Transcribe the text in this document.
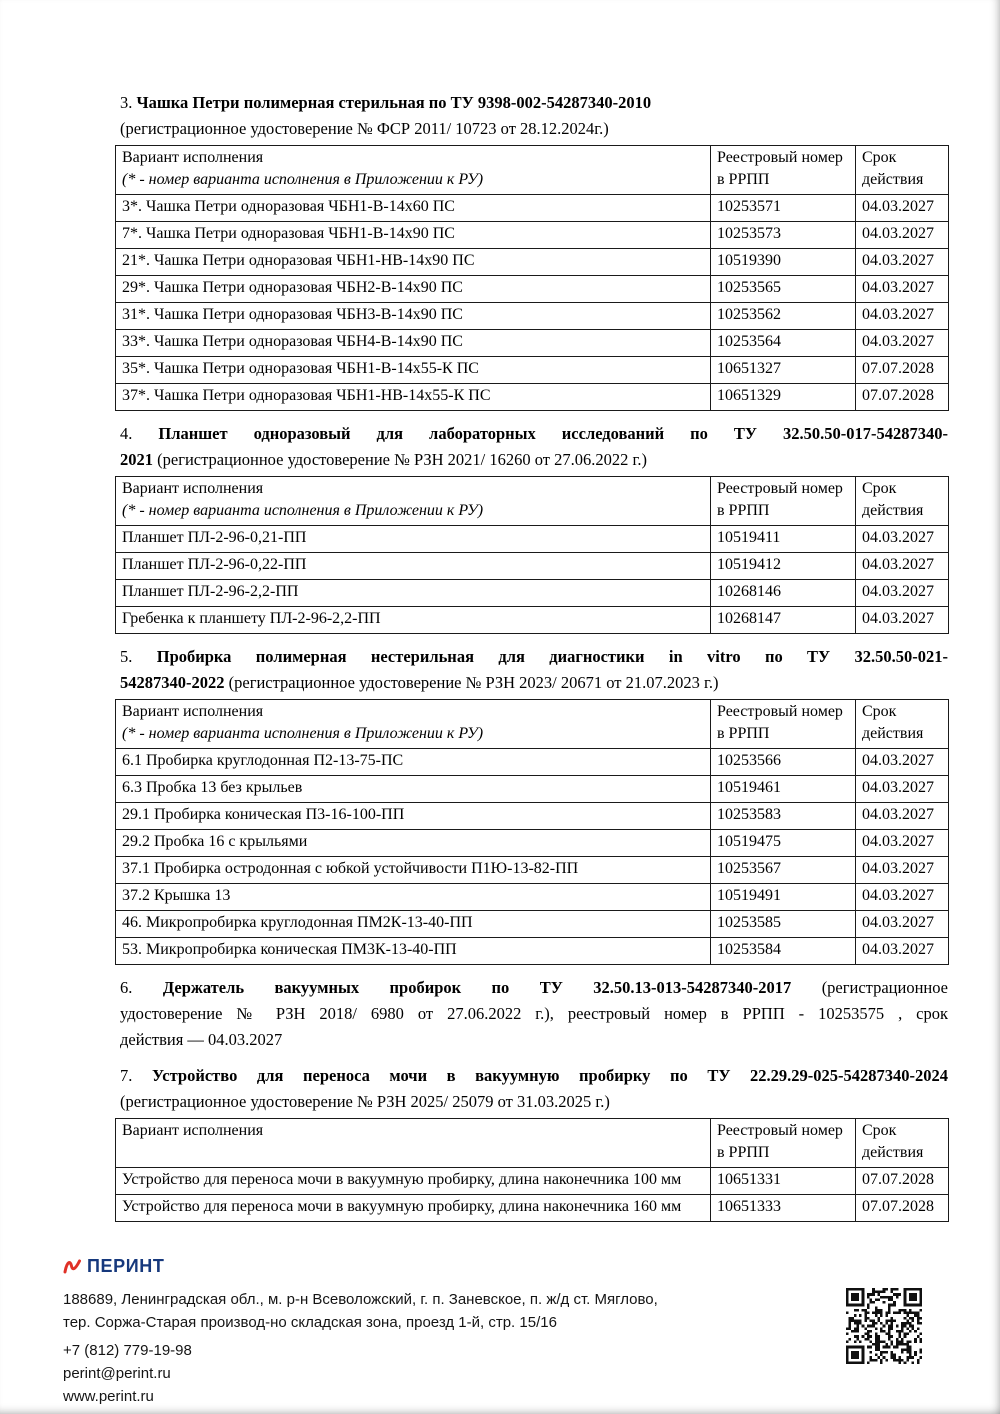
3. Чашка Петри полимерная стерильная по ТУ 9398-002-54287340-2010
(регистрационное удостоверение № ФСР 2011/ 10723 от 28.12.2024г.)
Вариант исполнения
(* - номер варианта исполнения в Приложении к РУ)	Реестровый номер в РРПП	Срок действия
3*. Чашка Петри одноразовая ЧБН1-В-14х60 ПС	10253571	04.03.2027
7*. Чашка Петри одноразовая ЧБН1-В-14х90 ПС	10253573	04.03.2027
21*. Чашка Петри одноразовая ЧБН1-НВ-14х90 ПС	10519390	04.03.2027
29*. Чашка Петри одноразовая ЧБН2-В-14х90 ПС	10253565	04.03.2027
31*. Чашка Петри одноразовая ЧБН3-В-14х90 ПС	10253562	04.03.2027
33*. Чашка Петри одноразовая ЧБН4-В-14х90 ПС	10253564	04.03.2027
35*. Чашка Петри одноразовая ЧБН1-В-14х55-К ПС	10651327	07.07.2028
37*. Чашка Петри одноразовая ЧБН1-НВ-14х55-К ПС	10651329	07.07.2028
4. Планшет одноразовый для лабораторных исследований по ТУ 32.50.50-017-54287340-
2021 (регистрационное удостоверение № РЗН 2021/ 16260 от 27.06.2022 г.)
Вариант исполнения
(* - номер варианта исполнения в Приложении к РУ)	Реестровый номер в РРПП	Срок действия
Планшет ПЛ-2-96-0,21-ПП	10519411	04.03.2027
Планшет ПЛ-2-96-0,22-ПП	10519412	04.03.2027
Планшет ПЛ-2-96-2,2-ПП	10268146	04.03.2027
Гребенка к планшету ПЛ-2-96-2,2-ПП	10268147	04.03.2027
5. Пробирка полимерная нестерильная для диагностики in vitro по ТУ 32.50.50-021-
54287340-2022 (регистрационное удостоверение № РЗН 2023/ 20671 от 21.07.2023 г.)
Вариант исполнения
(* - номер варианта исполнения в Приложении к РУ)	Реестровый номер в РРПП	Срок действия
6.1 Пробирка круглодонная П2-13-75-ПС	10253566	04.03.2027
6.3 Пробка 13 без крыльев	10519461	04.03.2027
29.1 Пробирка коническая П3-16-100-ПП	10253583	04.03.2027
29.2 Пробка 16 с крыльями	10519475	04.03.2027
37.1 Пробирка остродонная с юбкой устойчивости П1Ю-13-82-ПП	10253567	04.03.2027
37.2 Крышка 13	10519491	04.03.2027
46. Микропробирка круглодонная ПМ2К-13-40-ПП	10253585	04.03.2027
53. Микропробирка коническая ПМ3К-13-40-ПП	10253584	04.03.2027
6. Держатель вакуумных пробирок по ТУ 32.50.13-013-54287340-2017 (регистрационное
удостоверение № РЗН 2018/ 6980 от 27.06.2022 г.), реестровый номер в РРПП - 10253575 , срок
действия — 04.03.2027
7. Устройство для переноса мочи в вакуумную пробирку по ТУ 22.29.29-025-54287340-2024
(регистрационное удостоверение № РЗН 2025/ 25079 от 31.03.2025 г.)
Вариант исполнения	Реестровый номер в РРПП	Срок действия
Устройство для переноса мочи в вакуумную пробирку, длина наконечника 100 мм	10651331	07.07.2028
Устройство для переноса мочи в вакуумную пробирку, длина наконечника 160 мм	10651333	07.07.2028
ПЕРИНТ
188689, Ленинградская обл., м. р-н Всеволожский, г. п. Заневское, п. ж/д ст. Мяглово,
тер. Соржа-Старая производ-но складская зона, проезд 1-й, стр. 15/16
+7 (812) 779-19-98
perint@perint.ru
www.perint.ru
